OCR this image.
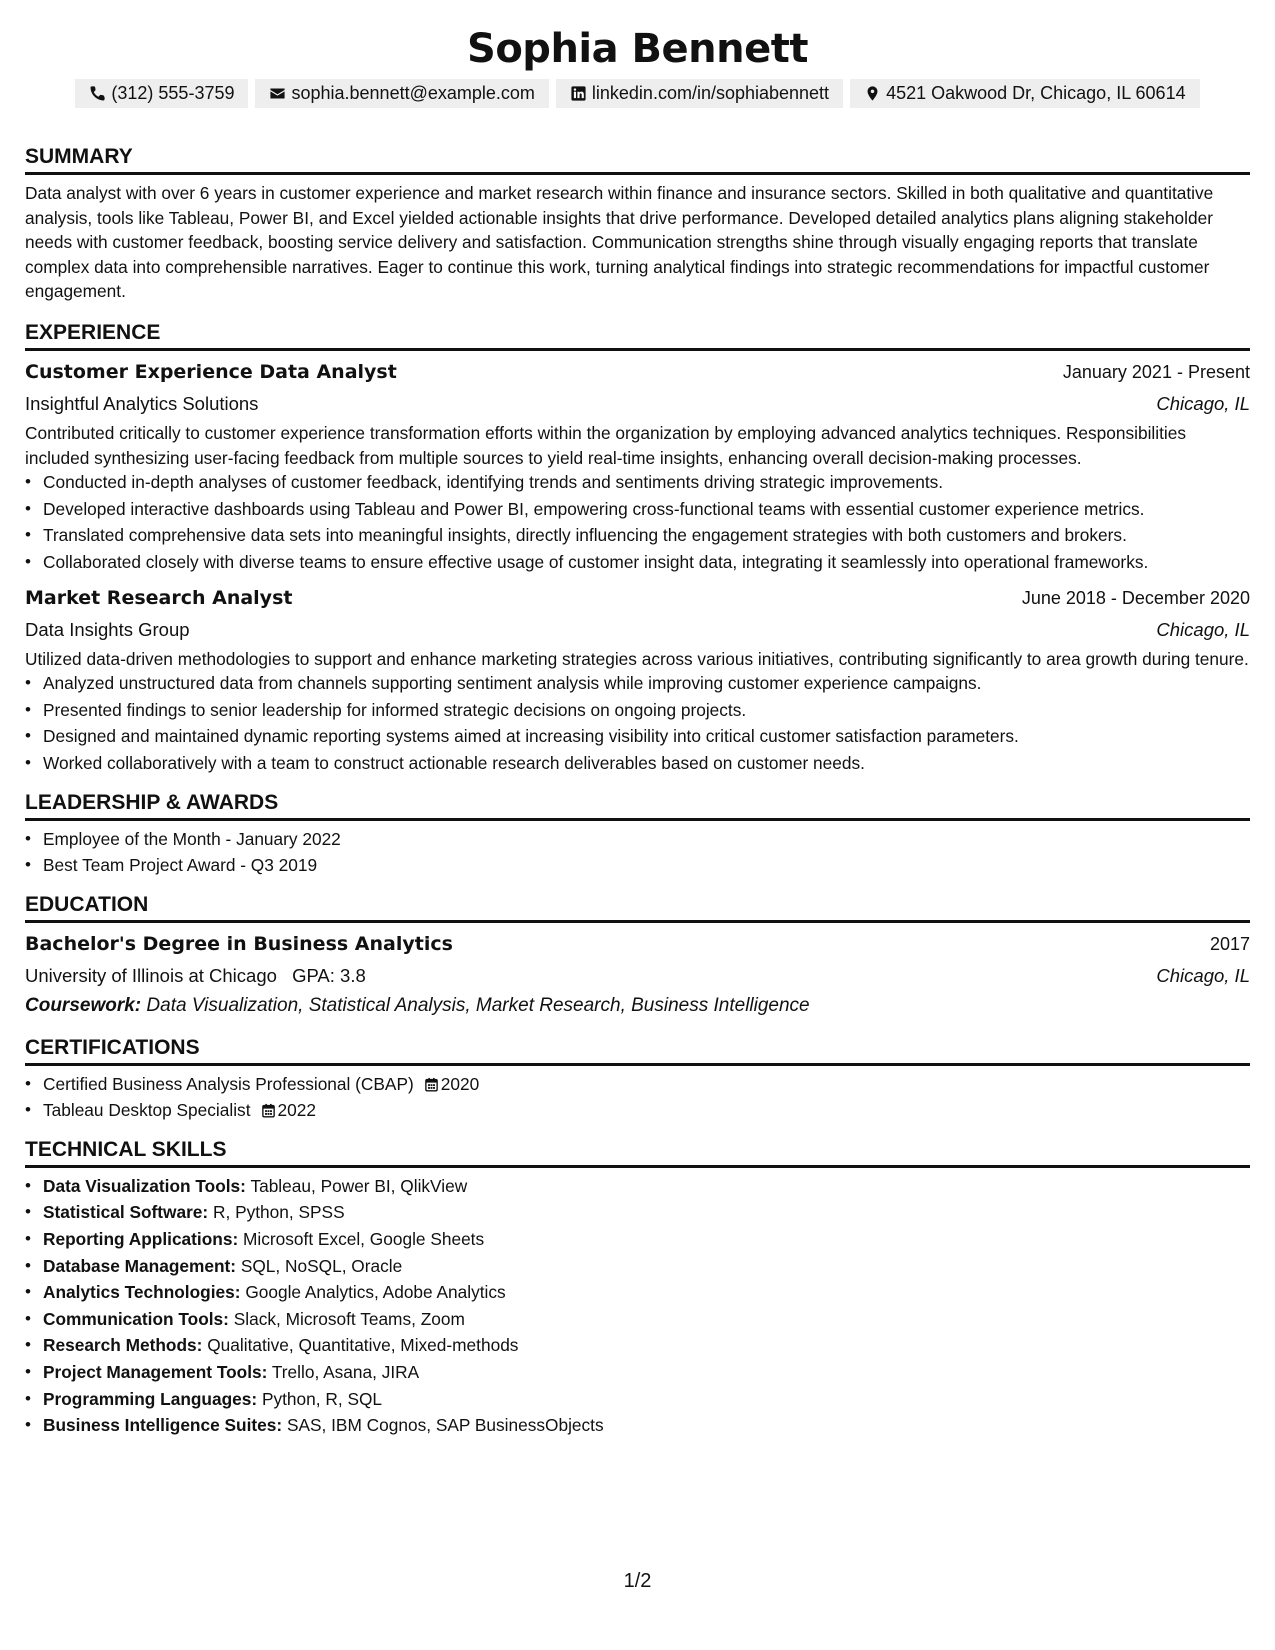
Sophia Bennett
(312) 555-3759	sophia.bennett@example.com	linkedin.com/in/sophiabennett	4521 Oakwood Dr, Chicago, IL 60614
SUMMARY

Data analyst with over 6 years in customer experience and market research within finance and insurance sectors. Skilled in both qualitative and quantitative analysis, tools like Tableau, Power BI, and Excel yielded actionable insights that drive performance. Developed detailed analytics plans aligning stakeholder needs with customer feedback, boosting service delivery and satisfaction. Communication strengths shine through visually engaging reports that translate complex data into comprehensible narratives. Eager to continue this work, turning analytical findings into strategic recommendations for impactful customer engagement.

EXPERIENCE
Customer Experience Data Analyst	January 2021 - Present
Insightful Analytics Solutions	Chicago, IL

Contributed critically to customer experience transformation efforts within the organization by employing advanced analytics techniques. Responsibilities included synthesizing user-facing feedback from multiple sources to yield real-time insights, enhancing overall decision-making processes.

• Conducted in-depth analyses of customer feedback, identifying trends and sentiments driving strategic improvements.
• Developed interactive dashboards using Tableau and Power BI, empowering cross-functional teams with essential customer experience metrics.
• Translated comprehensive data sets into meaningful insights, directly influencing the engagement strategies with both customers and brokers.
• Collaborated closely with diverse teams to ensure effective usage of customer insight data, integrating it seamlessly into operational frameworks.
Market Research Analyst	June 2018 - December 2020
Data Insights Group	Chicago, IL

Utilized data-driven methodologies to support and enhance marketing strategies across various initiatives, contributing significantly to area growth during tenure.

• Analyzed unstructured data from channels supporting sentiment analysis while improving customer experience campaigns.
• Presented findings to senior leadership for informed strategic decisions on ongoing projects.
• Designed and maintained dynamic reporting systems aimed at increasing visibility into critical customer satisfaction parameters.
• Worked collaboratively with a team to construct actionable research deliverables based on customer needs.
LEADERSHIP & AWARDS
• Employee of the Month - January 2022
• Best Team Project Award - Q3 2019
EDUCATION
Bachelor's Degree in Business Analytics	2017
University of Illinois at Chicago GPA: 3.8	Chicago, IL
Coursework: Data Visualization, Statistical Analysis, Market Research, Business Intelligence
CERTIFICATIONS
• Certified Business Analysis Professional (CBAP) 2020
• Tableau Desktop Specialist 2022
TECHNICAL SKILLS
• Data Visualization Tools: Tableau, Power BI, QlikView
• Statistical Software: R, Python, SPSS
• Reporting Applications: Microsoft Excel, Google Sheets
• Database Management: SQL, NoSQL, Oracle
• Analytics Technologies: Google Analytics, Adobe Analytics
• Communication Tools: Slack, Microsoft Teams, Zoom
• Research Methods: Qualitative, Quantitative, Mixed-methods
• Project Management Tools: Trello, Asana, JIRA
• Programming Languages: Python, R, SQL
• Business Intelligence Suites: SAS, IBM Cognos, SAP BusinessObjects
1/2
